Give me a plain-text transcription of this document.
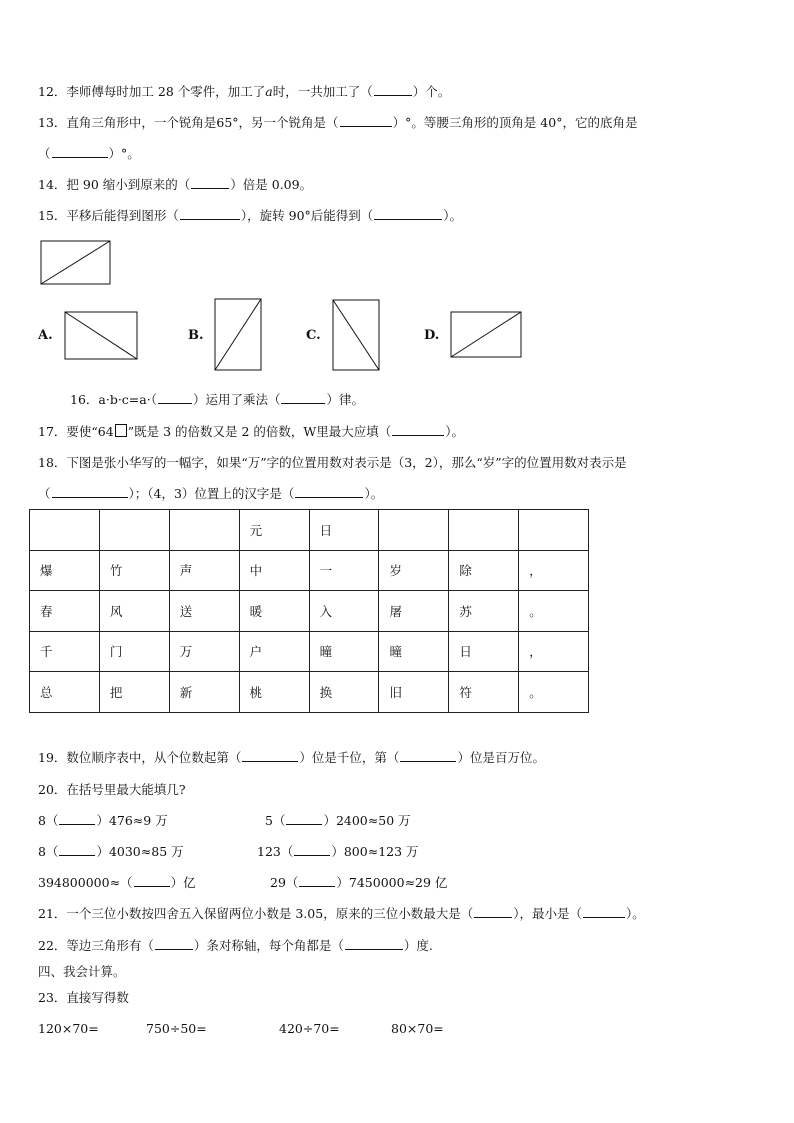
12．李师傅每时加工 28 个零件，加工了𝑎时，一共加工了（	）个。
13．直角三角形中，一个锐角是65°，另一个锐角是（	）°。等腰三角形的顶角是 40°，它的底角是
（	）°。
14．把 90 缩小到原来的（	）倍是 0.09。
15．平移后能得到图形（	），旋转 90°后能得到（	）。
A.	B.	C.	D.
16．a·b·c=a·（	）运用了乘法（	）律。
17．要使“64 ”既是 3 的倍数又是 2 的倍数，W里最大应填（	）。
18．下图是张小华写的一幅字，如果“万”字的位置用数对表示是（3，2），那么“岁”字的位置用数对表示是
（	）；（4，3）位置上的汉字是（	）。
			元	日			
爆	竹	声	中	一	岁	除	，
春	风	送	暖	入	屠	苏	。
千	门	万	户	曈	曈	日	，
总	把	新	桃	换	旧	符	。
19．数位顺序表中，从个位数起第（	）位是千位，第（	）位是百万位。
20．在括号里最大能填几?
8（	）476≈9 万	5（	）2400≈50 万
8（	）4030≈85 万	123（	）800≈123 万
394800000≈（	）亿	29（	）7450000≈29 亿
21．一个三位小数按四舍五入保留两位小数是 3.05，原来的三位小数最大是（	），最小是（	）。
22．等边三角形有（	）条对称轴，每个角都是（	）度.
四、我会计算。
23．直接写得数
120×70=	750÷50=	420÷70=	80×70=
